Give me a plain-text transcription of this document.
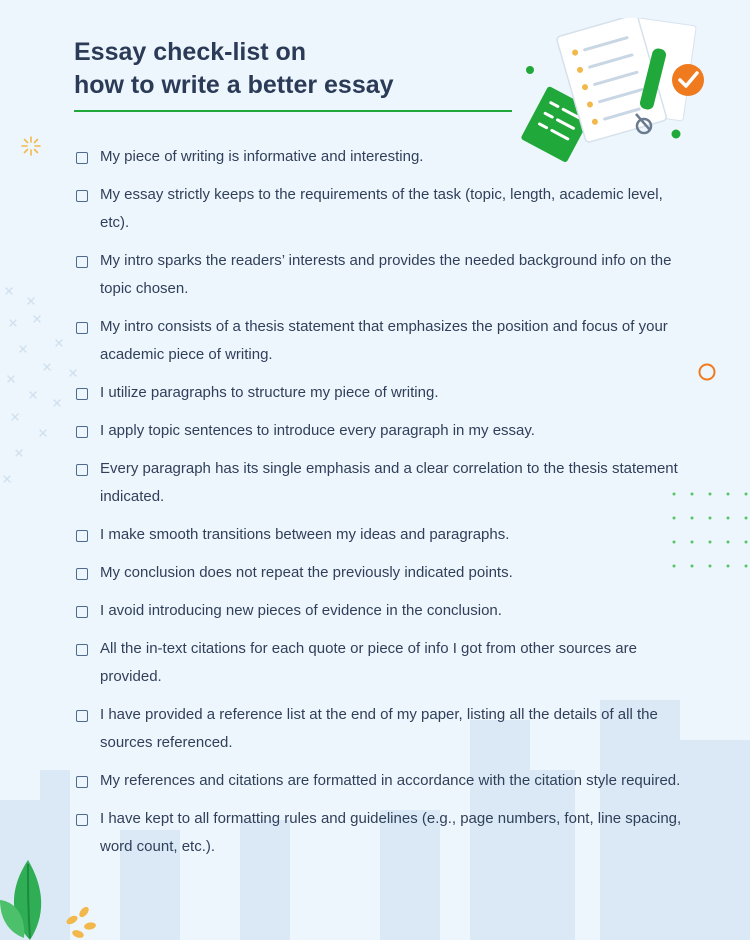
Essay check-list on
how to write a better essay
My piece of writing is informative and interesting.
My essay strictly keeps to the requirements of the task (topic, length, academic level, etc).
My intro sparks the readers’ interests and provides the needed background info on the topic chosen.
My intro consists of a thesis statement that emphasizes the position and focus of your academic piece of writing.
I utilize paragraphs to structure my piece of writing.
I apply topic sentences to introduce every paragraph in my essay.
Every paragraph has its single emphasis and a clear correlation to the thesis statement indicated.
I make smooth transitions between my ideas and paragraphs.
My conclusion does not repeat the previously indicated points.
I avoid introducing new pieces of evidence in the conclusion.
All the in-text citations for each quote or piece of info I got from other sources are provided.
I have provided a reference list at the end of my paper, listing all the details of all the sources referenced.
My references and citations are formatted in accordance with the citation style required.
I have kept to all formatting rules and guidelines (e.g., page numbers, font, line spacing, word count, etc.).
